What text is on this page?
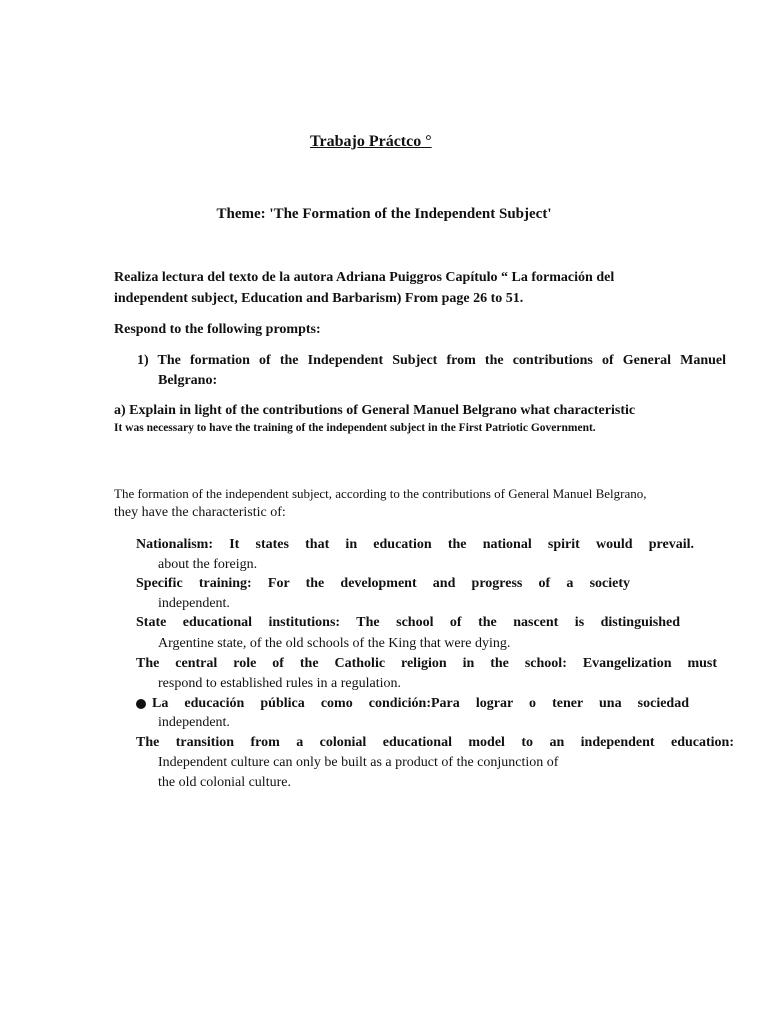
Trabajo Práctco °
Theme: 'The Formation of the Independent Subject'
Realiza lectura del texto de la autora Adriana Puiggros Capítulo “ La formación del
independent subject, Education and Barbarism) From page 26 to 51.
Respond to the following prompts:
1) The formation of the Independent Subject from the contributions of General Manuel
Belgrano:
a) Explain in light of the contributions of General Manuel Belgrano what characteristic
It was necessary to have the training of the independent subject in the First Patriotic Government.
The formation of the independent subject, according to the contributions of General Manuel Belgrano,
they have the characteristic of:
Nationalism: It states that in education the national spirit would prevail.
about the foreign.
Specific training: For the development and progress of a society
independent.
State educational institutions: The school of the nascent is distinguished
Argentine state, of the old schools of the King that were dying.
The central role of the Catholic religion in the school: Evangelization must
respond to established rules in a regulation.
La educación pública como condición:Para lograr o tener una sociedad
independent.
The transition from a colonial educational model to an independent education:
Independent culture can only be built as a product of the conjunction of
the old colonial culture.
